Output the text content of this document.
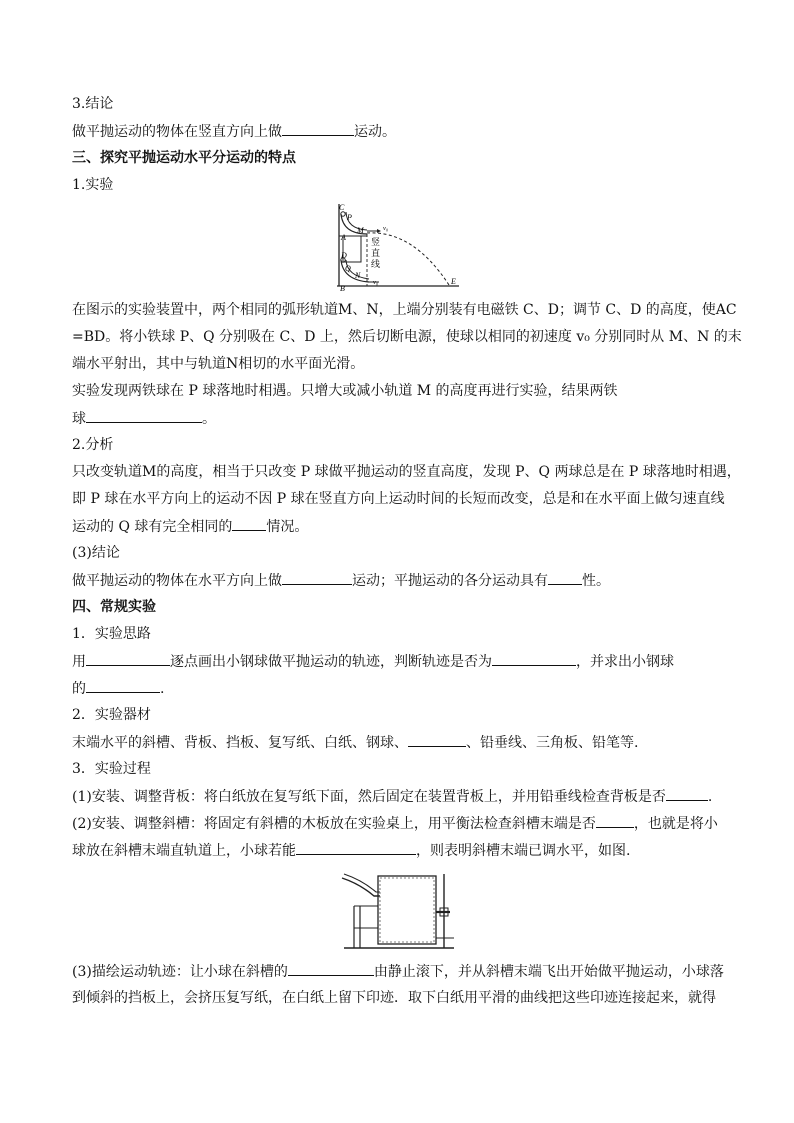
3.结论
做平抛运动的物体在竖直方向上做	运动。
三、探究平抛运动水平分运动的特点
1.实验
C
P
M	v₀
A
D
Q
N
v₀
B
E
竖
直
线
在图示的实验装置中，两个相同的弧形轨道M、N，上端分别装有电磁铁 C、D；调节 C、D 的高度，使AC
=BD。将小铁球 P、Q 分别吸在 C、D 上，然后切断电源，使球以相同的初速度 v₀ 分别同时从 M、N 的末
端水平射出，其中与轨道N相切的水平面光滑。
实验发现两铁球在 P 球落地时相遇。只增大或减小轨道 M 的高度再进行实验，结果两铁
球	。
2.分析
只改变轨道M的高度，相当于只改变 P 球做平抛运动的竖直高度，发现 P、Q 两球总是在 P 球落地时相遇，
即 P 球在水平方向上的运动不因 P 球在竖直方向上运动时间的长短而改变，总是和在水平面上做匀速直线
运动的 Q 球有完全相同的 情况。
(3)结论
做平抛运动的物体在水平方向上做	运动；平抛运动的各分运动具有 性。
四、常规实验
1．实验思路
用	逐点画出小钢球做平抛运动的轨迹，判断轨迹是否为	，并求出小钢球
的	.
2．实验器材
末端水平的斜槽、背板、挡板、复写纸、白纸、钢球、	、铅垂线、三角板、铅笔等.
3．实验过程
(1)安装、调整背板：将白纸放在复写纸下面，然后固定在装置背板上，并用铅垂线检查背板是否	.
(2)安装、调整斜槽：将固定有斜槽的木板放在实验桌上，用平衡法检查斜槽末端是否	，也就是将小
球放在斜槽末端直轨道上，小球若能	，则表明斜槽末端已调水平，如图.
(3)描绘运动轨迹：让小球在斜槽的	由静止滚下，并从斜槽末端飞出开始做平抛运动，小球落
到倾斜的挡板上，会挤压复写纸，在白纸上留下印迹．取下白纸用平滑的曲线把这些印迹连接起来，就得
